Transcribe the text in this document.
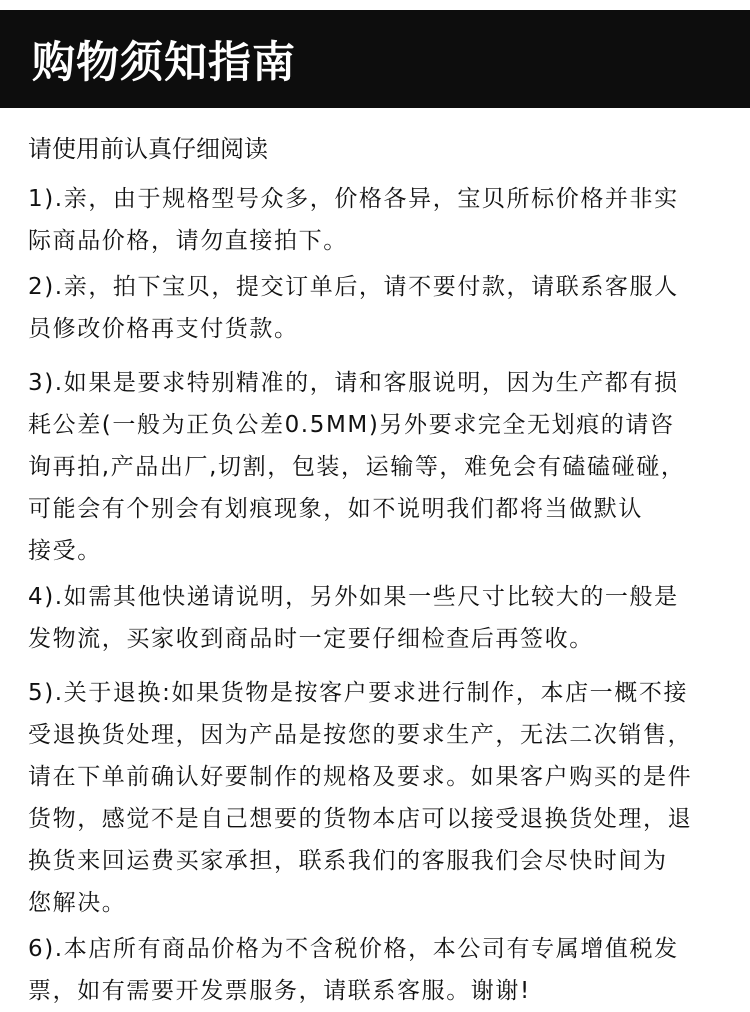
购物须知指南
请使用前认真仔细阅读
1).亲，由于规格型号众多，价格各异，宝贝所标价格并非实
际商品价格，请勿直接拍下。
2).亲，拍下宝贝，提交订单后，请不要付款，请联系客服人
员修改价格再支付货款。
3).如果是要求特别精准的，请和客服说明，因为生产都有损
耗公差(一般为正负公差0.5MM)另外要求完全无划痕的请咨
询再拍,产品出厂,切割，包装，运输等，难免会有磕磕碰碰，
可能会有个别会有划痕现象，如不说明我们都将当做默认
接受。
4).如需其他快递请说明，另外如果一些尺寸比较大的一般是
发物流，买家收到商品时一定要仔细检查后再签收。
5).关于退换:如果货物是按客户要求进行制作，本店一概不接
受退换货处理，因为产品是按您的要求生产，无法二次销售，
请在下单前确认好要制作的规格及要求。如果客户购买的是件
货物，感觉不是自己想要的货物本店可以接受退换货处理，退
换货来回运费买家承担，联系我们的客服我们会尽快时间为
您解决。
6).本店所有商品价格为不含税价格，本公司有专属增值税发
票，如有需要开发票服务，请联系客服。谢谢!
